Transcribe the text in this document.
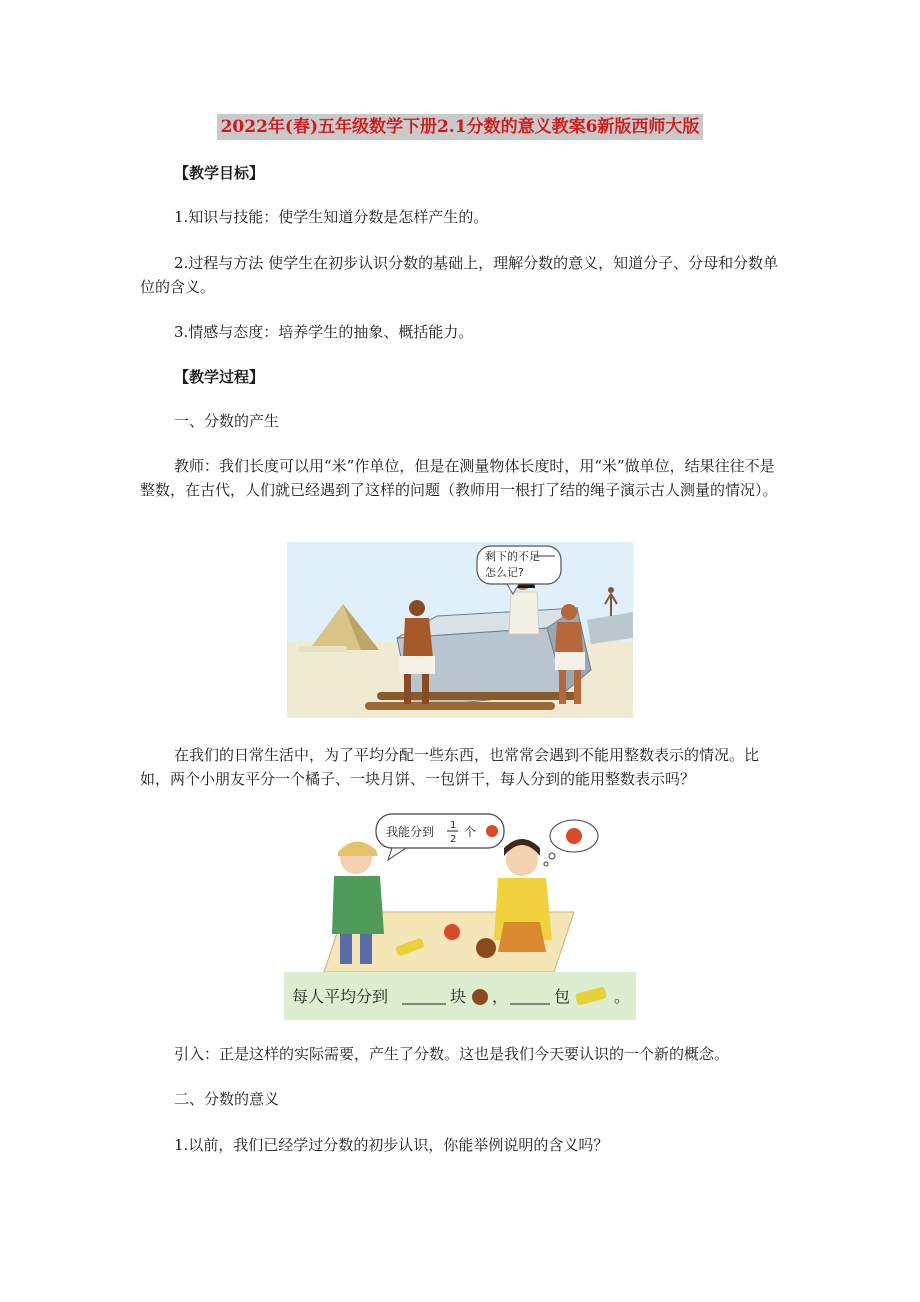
2022年(春)五年级数学下册2.1分数的意义教案6新版西师大版
【教学目标】
1.知识与技能：使学生知道分数是怎样产生的。
2.过程与方法 使学生在初步认识分数的基础上，理解分数的意义，知道分子、分母和分数单位的含义。
3.情感与态度：培养学生的抽象、概括能力。
【教学过程】
一、分数的产生
教师：我们长度可以用“米”作单位，但是在测量物体长度时，用“米”做单位，结果往往不是整数，在古代，人们就已经遇到了这样的问题（教师用一根打了结的绳子演示古人测量的情况）。
剩下的不足
怎么记?
在我们的日常生活中，为了平均分配一些东西，也常常会遇到不能用整数表示的情况。比如，两个小朋友平分一个橘子、一块月饼、一包饼干，每人分到的能用整数表示吗？
我能分到 1
2
个
每人平均分到	块 ，	包	。
引入：正是这样的实际需要，产生了分数。这也是我们今天要认识的一个新的概念。
二、分数的意义
1.以前，我们已经学过分数的初步认识，你能举例说明的含义吗？
